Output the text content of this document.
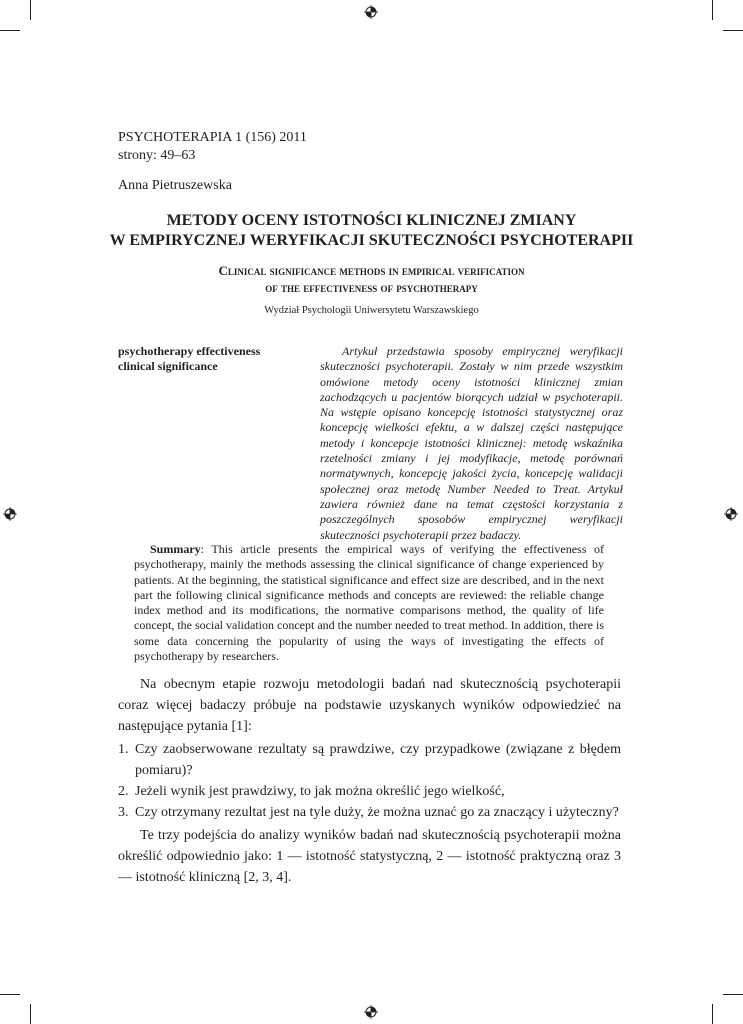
PSYCHOTERAPIA 1 (156) 2011
strony: 49–63
Anna Pietruszewska
METODY OCENY ISTOTNOŚCI KLINICZNEJ ZMIANY
W EMPIRYCZNEJ WERYFIKACJI SKUTECZNOŚCI PSYCHOTERAPII
Clinical significance methods in empirical verification
of the effectiveness of psychotherapy
Wydział Psychologii Uniwersytetu Warszawskiego
psychotherapy effectiveness
clinical significance
Artykuł przedstawia sposoby empirycznej weryfikacji skuteczności psychoterapii. Zostały w nim przede wszystkim omówione metody oceny istotności klinicznej zmian zachodzących u pacjentów biorących udział w psychoterapii. Na wstępie opisano koncepcję istotności statystycznej oraz koncepcję wielkości efektu, a w dalszej części następujące metody i koncepcje istotności klinicznej: metodę wskaźnika rzetelności zmiany i jej modyfikacje, metodę porównań normatywnych, koncepcję jakości życia, koncepcję walidacji społecznej oraz metodę Number Needed to Treat. Artykuł zawiera również dane na temat częstości korzystania z poszczególnych sposobów empirycznej weryfikacji skuteczności psychoterapii przez badaczy.
Summary: This article presents the empirical ways of verifying the effectiveness of psychotherapy, mainly the methods assessing the clinical significance of change experienced by patients. At the beginning, the statistical significance and effect size are described, and in the next part the following clinical significance methods and concepts are reviewed: the reliable change index method and its modifications, the normative comparisons method, the quality of life concept, the social validation concept and the number needed to treat method. In addition, there is some data concerning the popularity of using the ways of investigating the effects of psychotherapy by researchers.
Na obecnym etapie rozwoju metodologii badań nad skutecznością psychoterapii coraz więcej badaczy próbuje na podstawie uzyskanych wyników odpowiedzieć na następujące pytania [1]:
1. Czy zaobserwowane rezultaty są prawdziwe, czy przypadkowe (związane z błędem pomiaru)?
2. Jeżeli wynik jest prawdziwy, to jak można określić jego wielkość,
3. Czy otrzymany rezultat jest na tyle duży, że można uznać go za znaczący i użyteczny?
Te trzy podejścia do analizy wyników badań nad skutecznością psychoterapii można określić odpowiednio jako: 1 — istotność statystyczną, 2 — istotność praktyczną oraz 3 — istotność kliniczną [2, 3, 4].
